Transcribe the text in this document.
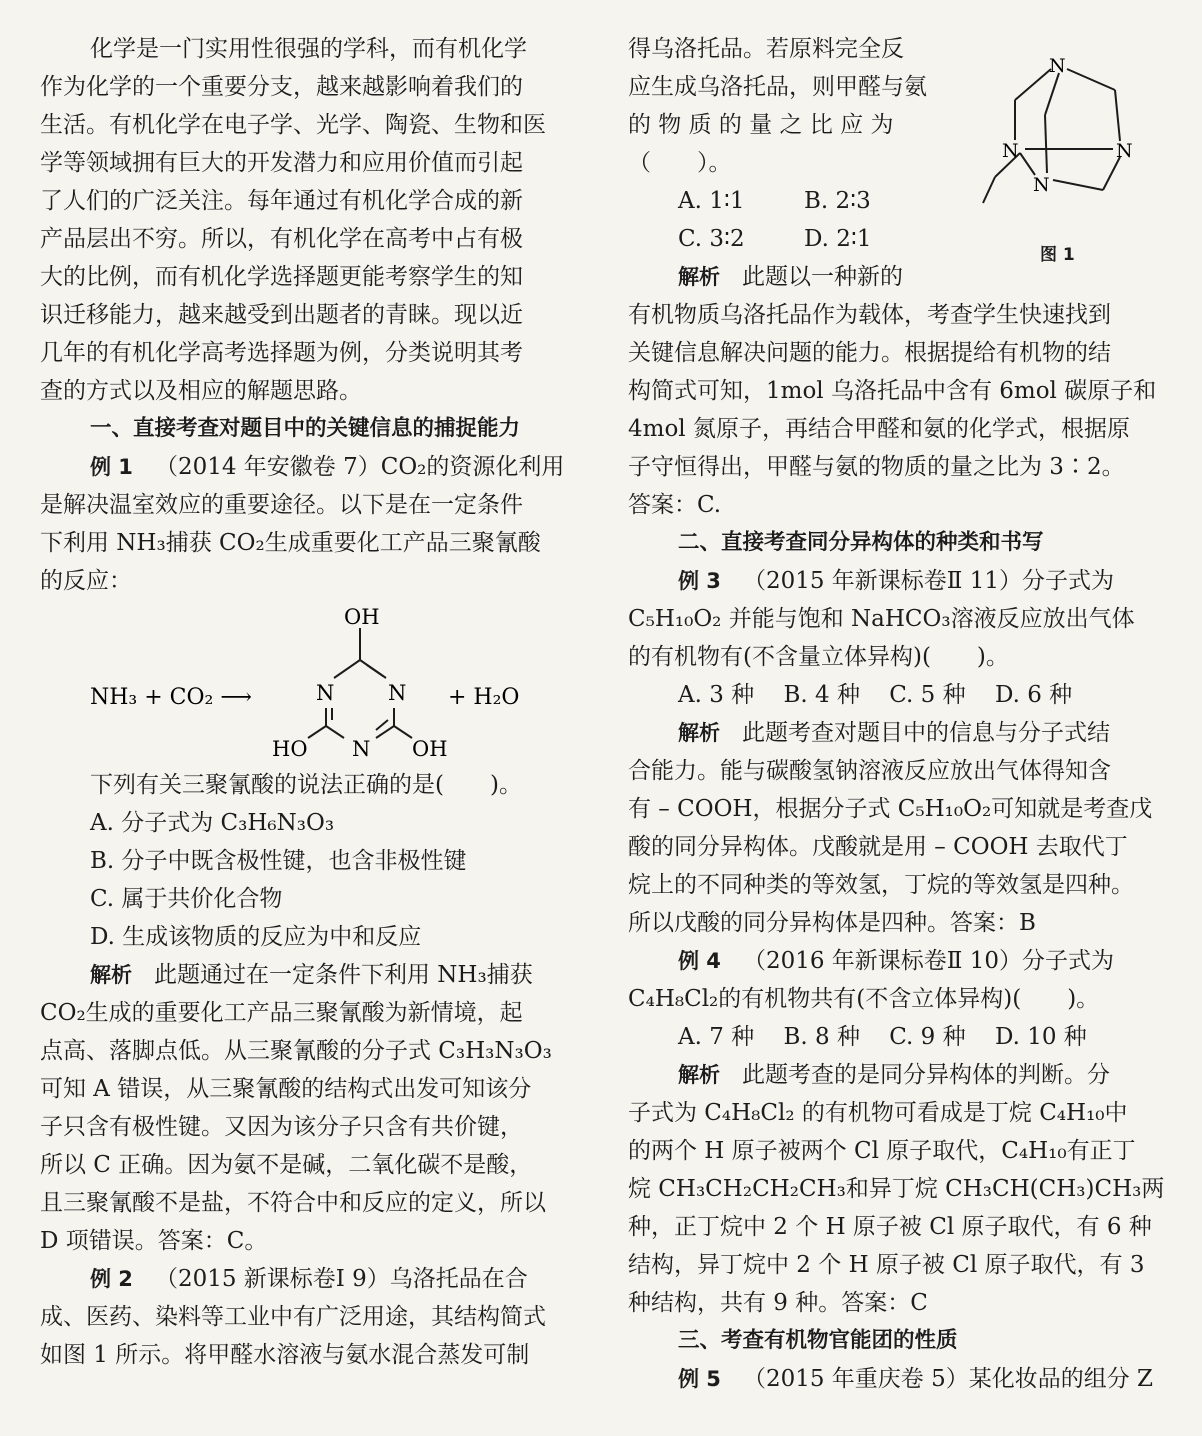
化学是一门实用性很强的学科，而有机化学
作为化学的一个重要分支，越来越影响着我们的
生活。有机化学在电子学、光学、陶瓷、生物和医
学等领域拥有巨大的开发潜力和应用价值而引起
了人们的广泛关注。每年通过有机化学合成的新
产品层出不穷。所以，有机化学在高考中占有极
大的比例，而有机化学选择题更能考察学生的知
识迁移能力，越来越受到出题者的青睐。现以近
几年的有机化学高考选择题为例，分类说明其考
查的方式以及相应的解题思路。
一、直接考查对题目中的关键信息的捕捉能力
例 1 （2014 年安徽卷 7）CO₂的资源化利用
是解决温室效应的重要途径。以下是在一定条件
下利用 NH₃捕获 CO₂生成重要化工产品三聚氰酸
的反应：
NH₃ + CO₂ ⟶
OH
N	N
N
HO	OH
+ H₂O
下列有关三聚氰酸的说法正确的是(　　)。
A. 分子式为 C₃H₆N₃O₃
B. 分子中既含极性键，也含非极性键
C. 属于共价化合物
D. 生成该物质的反应为中和反应
解析 此题通过在一定条件下利用 NH₃捕获
CO₂生成的重要化工产品三聚氰酸为新情境，起
点高、落脚点低。从三聚氰酸的分子式 C₃H₃N₃O₃
可知 A 错误，从三聚氰酸的结构式出发可知该分
子只含有极性键。又因为该分子只含有共价键，
所以 C 正确。因为氨不是碱，二氧化碳不是酸，
且三聚氰酸不是盐，不符合中和反应的定义，所以
D 项错误。答案：C。
例 2 （2015 新课标卷Ⅰ 9）乌洛托品在合
成、医药、染料等工业中有广泛用途，其结构简式
如图 1 所示。将甲醛水溶液与氨水混合蒸发可制
得乌洛托品。若原料完全反
应生成乌洛托品，则甲醛与氨
的 物 质 的 量 之 比 应 为
（　　）。
A. 1∶1	B. 2∶3
C. 3∶2	D. 2∶1
解析 此题以一种新的
有机物质乌洛托品作为载体，考查学生快速找到
关键信息解决问题的能力。根据提给有机物的结
构简式可知，1mol 乌洛托品中含有 6mol 碳原子和
4mol 氮原子，再结合甲醛和氨的化学式，根据原
子守恒得出，甲醛与氨的物质的量之比为 3∶2。
答案：C.
二、直接考查同分异构体的种类和书写
例 3 （2015 年新课标卷Ⅱ 11）分子式为
C₅H₁₀O₂ 并能与饱和 NaHCO₃溶液反应放出气体
的有机物有(不含量立体异构)(　　)。
A. 3 种 B. 4 种 C. 5 种 D. 6 种
解析 此题考查对题目中的信息与分子式结
合能力。能与碳酸氢钠溶液反应放出气体得知含
有 – COOH，根据分子式 C₅H₁₀O₂可知就是考查戊
酸的同分异构体。戊酸就是用 – COOH 去取代丁
烷上的不同种类的等效氢，丁烷的等效氢是四种。
所以戊酸的同分异构体是四种。答案：B
例 4 （2016 年新课标卷Ⅱ 10）分子式为
C₄H₈Cl₂的有机物共有(不含立体异构)(　　)。
A. 7 种 B. 8 种 C. 9 种 D. 10 种
解析 此题考查的是同分异构体的判断。分
子式为 C₄H₈Cl₂ 的有机物可看成是丁烷 C₄H₁₀中
的两个 H 原子被两个 Cl 原子取代，C₄H₁₀有正丁
烷 CH₃CH₂CH₂CH₃和异丁烷 CH₃CH(CH₃)CH₃两
种，正丁烷中 2 个 H 原子被 Cl 原子取代，有 6 种
结构，异丁烷中 2 个 H 原子被 Cl 原子取代，有 3
种结构，共有 9 种。答案：C
三、考查有机物官能团的性质
例 5 （2015 年重庆卷 5）某化妆品的组分 Z
N
N	N
N
图 1
